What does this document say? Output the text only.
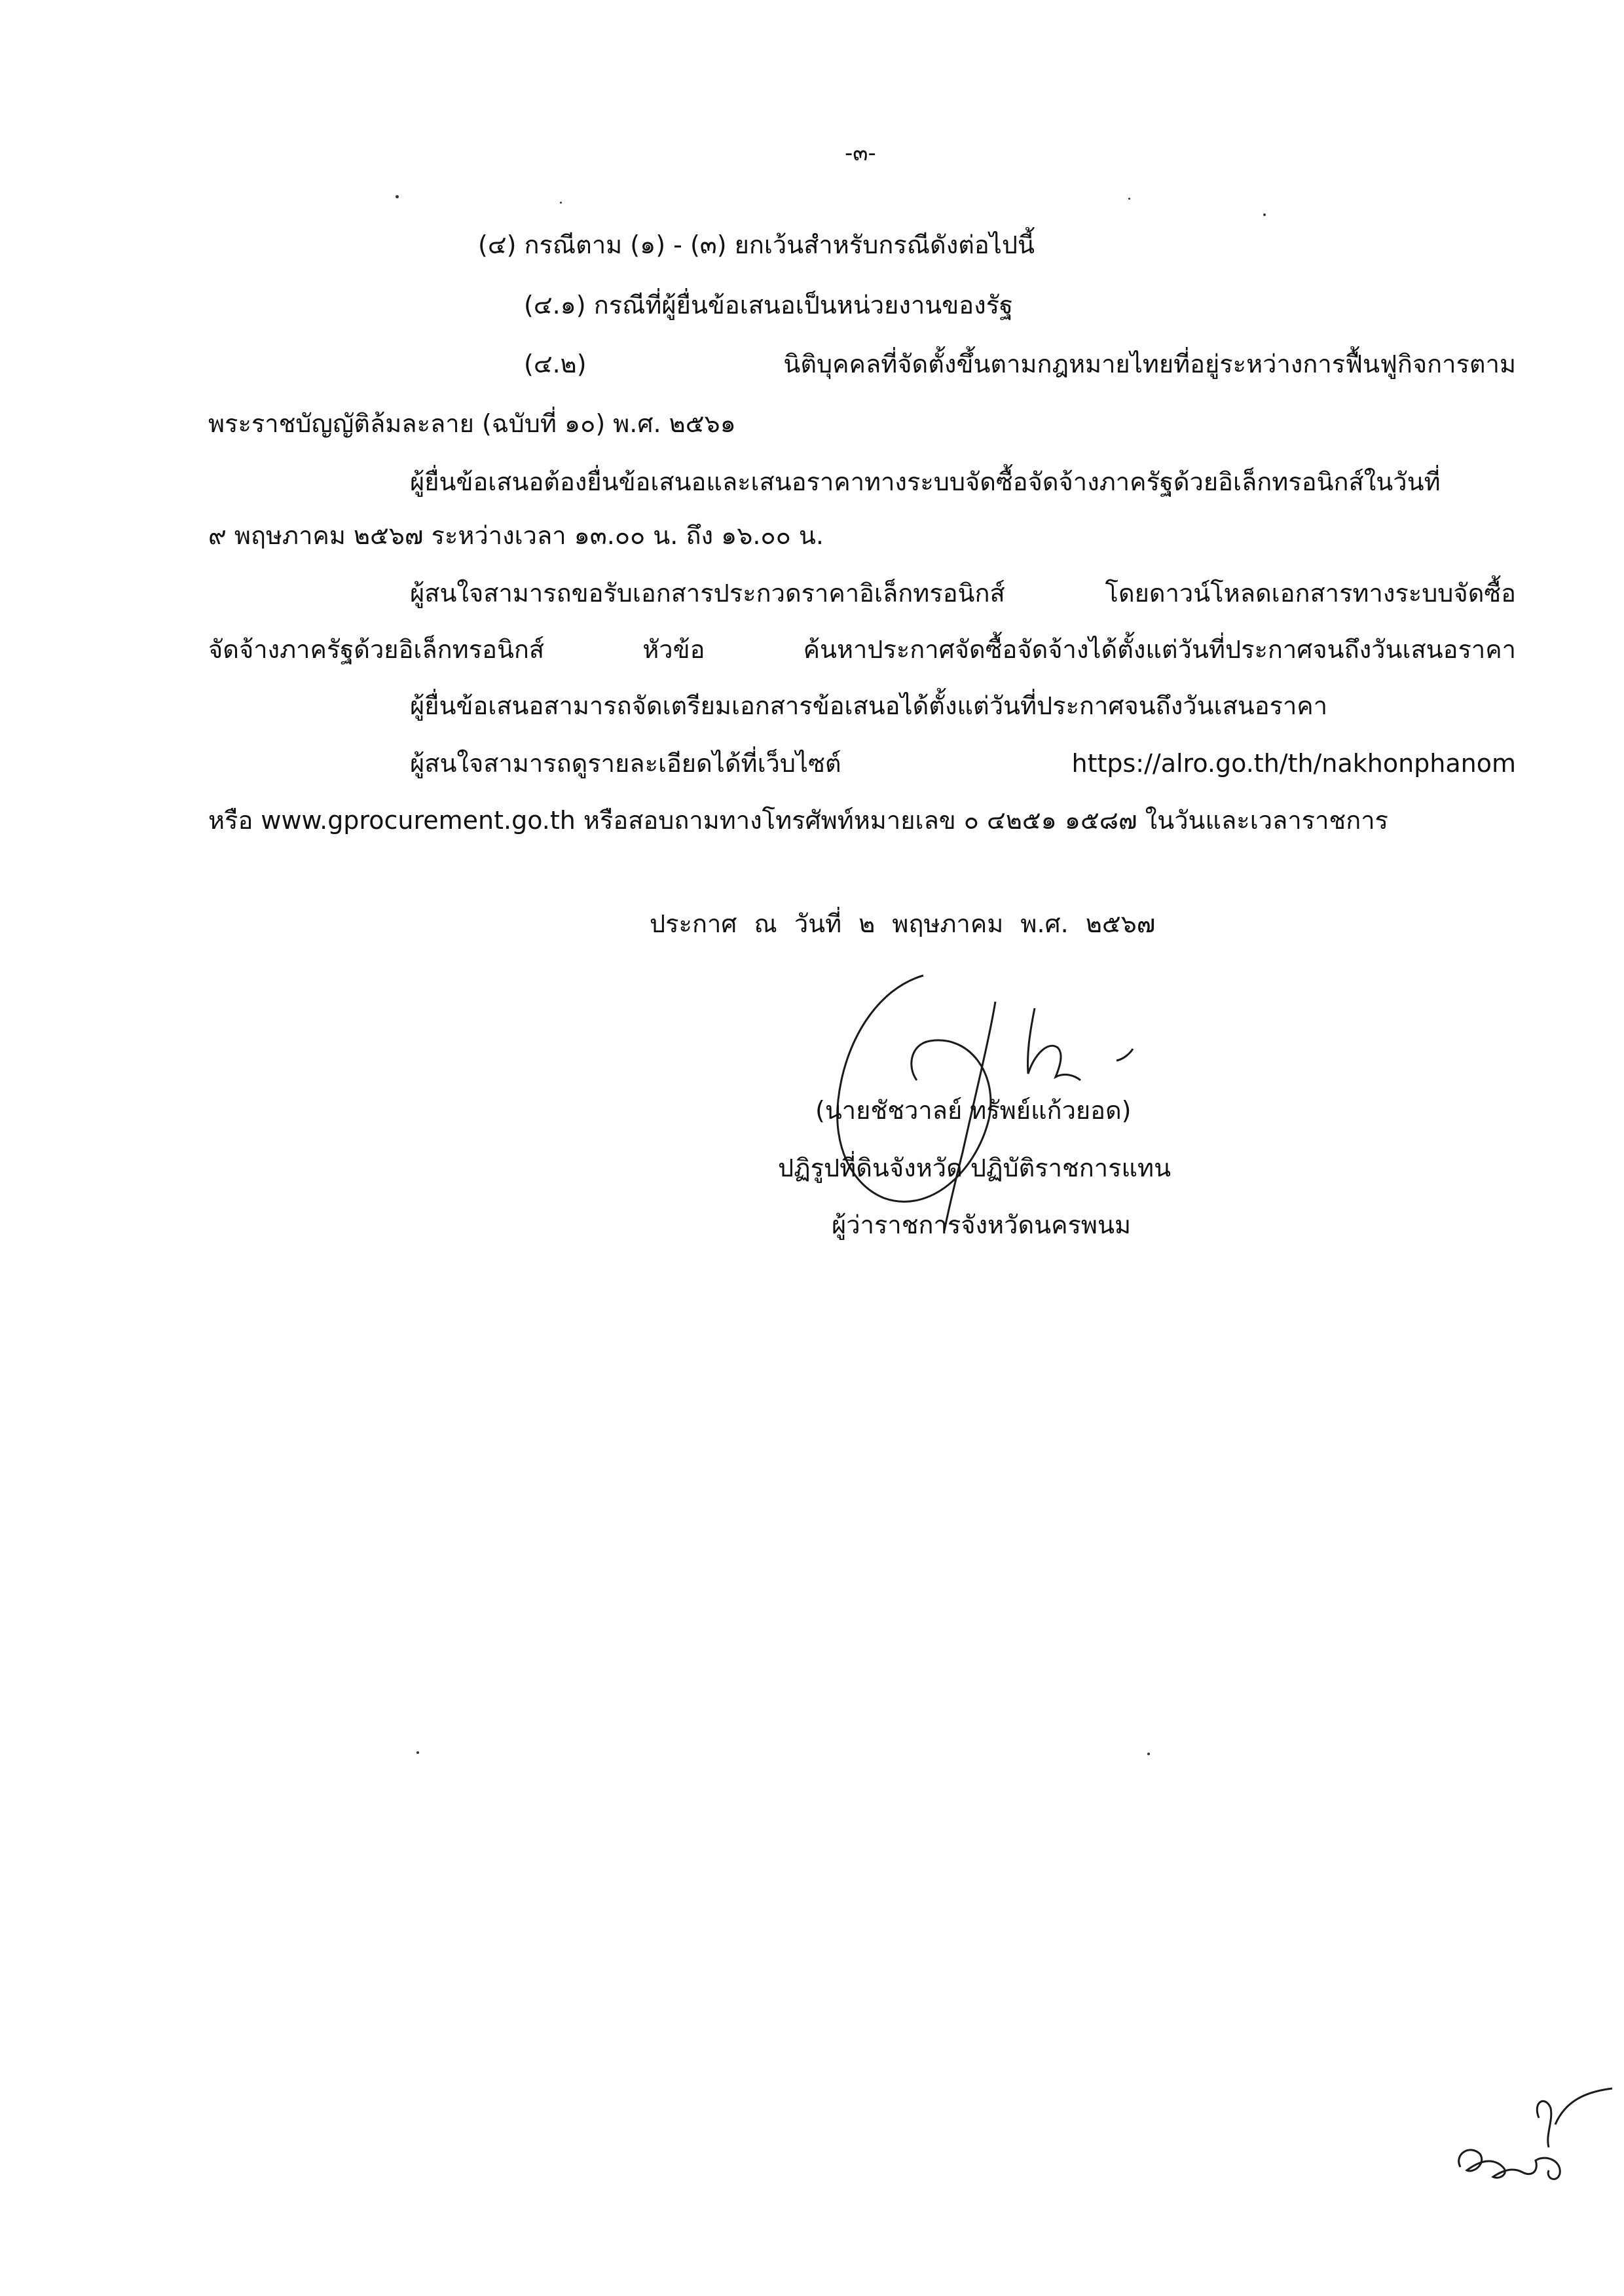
-๓-
(๔) กรณีตาม (๑) - (๓) ยกเว้นสำหรับกรณีดังต่อไปนี้
(๔.๑) กรณีที่ผู้ยื่นข้อเสนอเป็นหน่วยงานของรัฐ
(๔.๒) นิติบุคคลที่จัดตั้งขึ้นตามกฎหมายไทยที่อยู่ระหว่างการฟื้นฟูกิจการตาม
พระราชบัญญัติล้มละลาย (ฉบับที่ ๑๐) พ.ศ. ๒๕๖๑
ผู้ยื่นข้อเสนอต้องยื่นข้อเสนอและเสนอราคาทางระบบจัดซื้อจัดจ้างภาครัฐด้วยอิเล็กทรอนิกส์ในวันที่
๙ พฤษภาคม ๒๕๖๗ ระหว่างเวลา ๑๓.๐๐ น. ถึง ๑๖.๐๐ น.
ผู้สนใจสามารถขอรับเอกสารประกวดราคาอิเล็กทรอนิกส์ โดยดาวน์โหลดเอกสารทางระบบจัดซื้อ
จัดจ้างภาครัฐด้วยอิเล็กทรอนิกส์ หัวข้อ ค้นหาประกาศจัดซื้อจัดจ้างได้ตั้งแต่วันที่ประกาศจนถึงวันเสนอราคา
ผู้ยื่นข้อเสนอสามารถจัดเตรียมเอกสารข้อเสนอได้ตั้งแต่วันที่ประกาศจนถึงวันเสนอราคา
ผู้สนใจสามารถดูรายละเอียดได้ที่เว็บไซต์ https://alro.go.th/th/nakhonphanom
หรือ www.gprocurement.go.th หรือสอบถามทางโทรศัพท์หมายเลข ๐ ๔๒๕๑ ๑๕๘๗ ในวันและเวลาราชการ
ประกาศ ณ วันที่ ๒ พฤษภาคม พ.ศ. ๒๕๖๗
(นายชัชวาลย์ ทรัพย์แก้วยอด)
ปฏิรูปที่ดินจังหวัด ปฏิบัติราชการแทน
ผู้ว่าราชการจังหวัดนครพนม
